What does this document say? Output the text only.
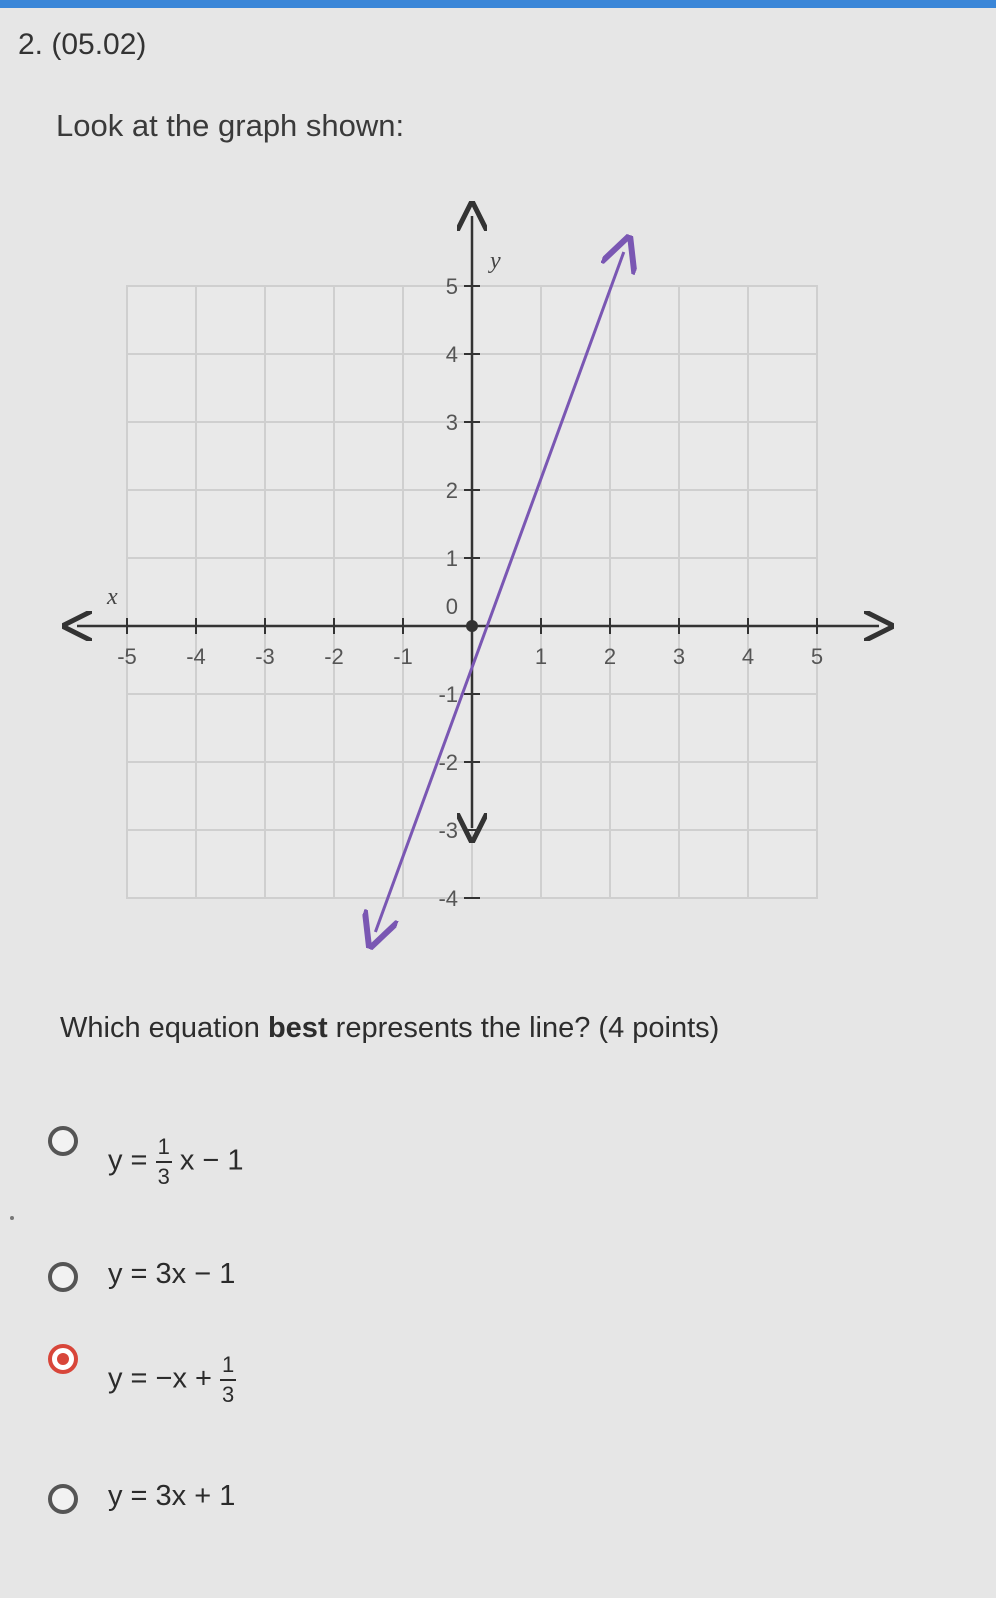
2. (05.02)
Look at the graph shown:
x
y
-5 -4 -3 -2 -1	1	2	3	4	5
5
4
3
2
1
0
-1
-2
-3
-4
Which equation best represents the line? (4 points)
$y = \frac{1}{3}$ x − 1
y = 3x − 1
$y = -x + \frac{1}{3}$
y = 3x + 1
